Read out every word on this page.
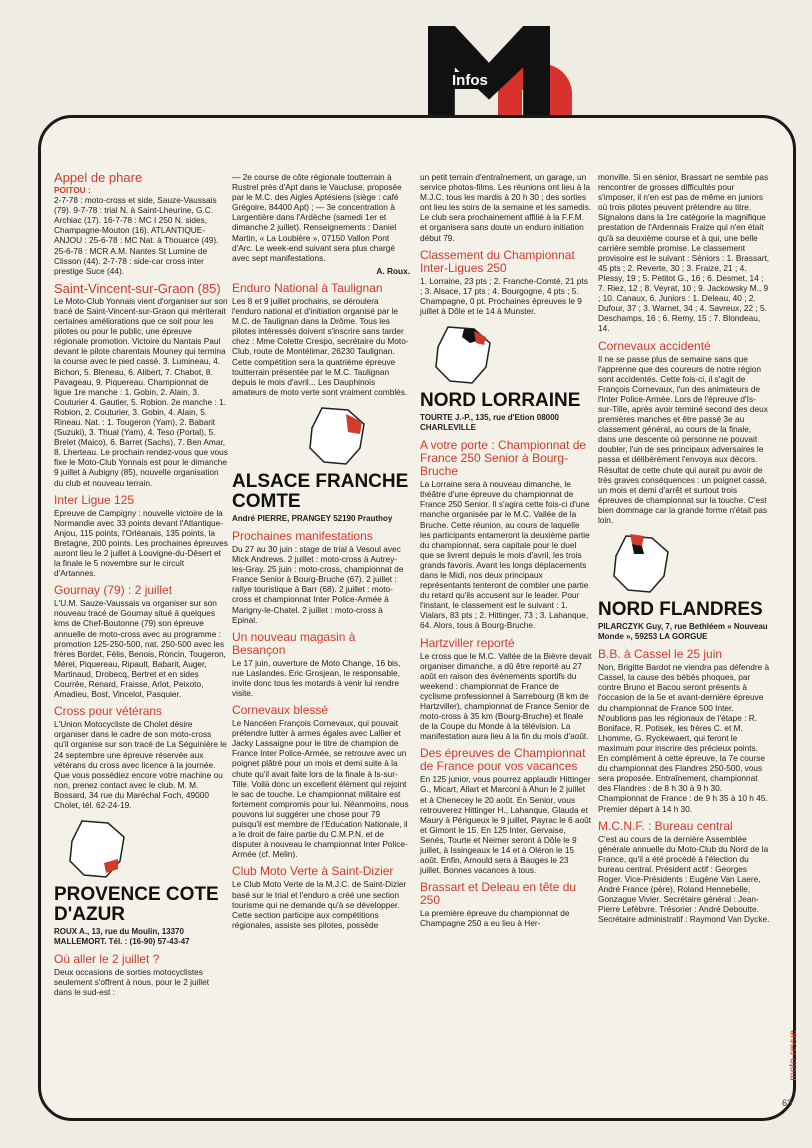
Infos
Appel de phare
POITOU :

2-7-78 : moto-cross et side, Sauze-Vaussais (79). 9-7-78 : trial N. à Saint-Lheurine, G.C. Archiac (17). 16-7-78 : MC I 250 N. sides, Champagne-Mouton (16). ATLANTIQUE-ANJOU : 25-6-78 : MC Nat. à Thouarce (49). 25-6-78 : MCR A.M. Nantes St Lumine de Clisson (44). 2-7-78 : side-car cross inter prestige Suce (44).

Saint-Vincent-sur-Graon (85)

Le Moto-Club Yonnais vient d'organiser sur son tracé de Saint-Vincent-sur-Graon qui mériterait certaines améliorations que ce soit pour les pilotes ou pour le public, une épreuve régionale promotion. Victoire du Nantais Paul devant le pilote charentais Mouney qui termina la course avec le pied cassé. 3. Lumineau, 4. Bichon, 5. Bleneau, 6. Alibert, 7. Chabot, 8. Pavageau, 9. Piquereau. Championnat de ligue 1re manche : 1. Gobin, 2. Alain, 3. Couturier 4. Gautier, 5. Robion. 2e manche : 1. Robion, 2. Couturier, 3. Gobin, 4. Alain, 5. Rineau. Nat. : 1. Tougeron (Yam), 2. Babarit (Suzuki), 3. Thual (Yam), 4. Teso (Portal), 5. Brelet (Maico), 6. Barret (Sachs), 7. Ben Amar, 8. Lherteau. Le prochain rendez-vous que vous fixe le Moto-Club Yonnais est pour le dimanche 9 juillet à Aubigny (85), nouvelle organisation du club et nouveau terrain.

Inter Ligue 125

Epreuve de Campigny : nouvelle victoire de la Normandie avec 33 points devant l'Atlantique-Anjou, 115 points, l'Orléanais, 135 points, la Bretagne, 200 points. Les prochaines épreuves auront lieu le 2 juillet à Louvigne-du-Désert et la finale le 5 novembre sur le circuit d'Artannes.

Gournay (79) : 2 juillet

L'U.M. Sauze-Vaussais va organiser sur son nouveau tracé de Gournay situé à quelques kms de Chef-Boutonne (79) son épreuve annuelle de moto-cross avec au programme : promotion 125-250-500, nat. 250-500 avec les frères Bordet, Félis, Benois, Roncin, Tougeron, Mérel, Piquereau, Ripault, Babarit, Auger, Martinaud, Drobecq, Bertret et en sides Courrée, Renard, Fraisse, Arlot, Peixoto, Amadieu, Bost, Vincelot, Pasquier.

Cross pour vétérans

L'Union Motocycliste de Cholet désire organiser dans le cadre de son moto-cross qu'il organise sur son tracé de La Séguinière le 24 septembre une épreuve réservée aux vétérans du cross avec licence à la journée. Que vous possédiez encore votre machine ou non, prenez contact avec le club. M. M. Bossard, 34 rue du Maréchal Foch, 49000 Cholet, tél. 62-24-19.

PROVENCE COTE D'AZUR

ROUX A., 13, rue du Moulin, 13370 MALLEMORT. Tél. : (16-90) 57-43-47

Où aller le 2 juillet ?

Deux occasions de sorties motocyclistes seulement s'offrent à nous, pour le 2 juillet dans le sud-est :

— 2e course de côte régionale toutterrain à Rustrel près d'Apt dans le Vaucluse, proposée par le M.C. des Aigles Aptésiens (siège : café Grégoire, 84400 Apt) ; — 3e concentration à Largentière dans l'Ardèche (samedi 1er et dimanche 2 juillet). Renseignements : Daniel Martin, « La Loubière », 07150 Vallon Pont d'Arc. Le week-end suivant sera plus chargé avec sept manifestations.

A. Roux.

Enduro National à Taulignan

Les 8 et 9 juillet prochains, se déroulera l'enduro national et d'initiation organisé par le M.C. de Taulignan dans la Drôme. Tous les pilotes intéressés doivent s'inscrire sans tarder chez : Mme Colette Crespo, secrétaire du Moto-Club, route de Montélimar, 26230 Taulignan. Cette compétition sera la quatrième épreuve toutterrain présentée par le M.C. Taulignan depuis le mois d'avril... Les Dauphinois amateurs de moto verte sont vraiment comblés.

ALSACE FRANCHE COMTE

André PIERRE, PRANGEY 52190 Prauthoy

Prochaines manifestations

Du 27 au 30 juin : stage de trial à Vesoul avec Mick Andrews. 2 juillet : moto-cross à Autrey-les-Gray. 25 juin : moto-cross, championnat de France Senior à Bourg-Bruche (67). 2 juillet : rallye touristique à Barr (68). 2 juillet : moto-cross et championnat Inter Police-Armée à Marigny-le-Chatel. 2 juillet : moto-cross à Epinal.

Un nouveau magasin à Besançon

Le 17 juin, ouverture de Moto Change, 16 bis, rue Laslandes. Eric Grosjean, le responsable, invite donc tous les motards à venir lui rendre visite.

Cornevaux blessé

Le Nancéen François Cornevaux, qui pouvait prétendre lutter à armes égales avec Lallier et Jacky Lassaigne pour le titre de champion de France Inter Police-Armée, se retrouve avec un poignet plâtré pour un mois et demi suite à la chute qu'il avait faite lors de la finale à Is-sur-Tille. Voilà donc un excellent élément qui rejoint le sac de touche. Le championnat militaire est fortement compromis pour lui. Néanmoins, nous pouvons lui suggérer une chose pour 79 puisqu'il est membre de l'Education Nationale, il a le droit de faire partie du C.M.P.N. et de disputer à nouveau le championnat Inter Police-Armée (cf. Melin).

Club Moto Verte à Saint-Dizier

Le Club Moto Verte de la M.J.C. de Saint-Dizier basé sur le trial et l'enduro a créé une section tourisme qui ne demande qu'à se développer. Cette section participe aux compétitions régionales, assiste ses pilotes, possède

un petit terrain d'entraînement, un garage, un service photos-films. Les réunions ont lieu à la M.J.C. tous les mardis à 20 h 30 ; des sorties ont lieu les soirs de la semaine et les samedis. Le club sera prochainement affilié à la F.F.M. et organisera sans doute un enduro initiation début 79.

Classement du Championnat Inter-Ligues 250

1. Lorraine, 23 pts ; 2. Franche-Comté, 21 pts ; 3. Alsace, 17 pts ; 4. Bourgogne, 4 pts ; 5. Champagne, 0 pt. Prochaines épreuves le 9 juillet à Dôle et le 14 à Munster.

NORD LORRAINE

TOURTE J.-P., 135, rue d'Etion 08000 CHARLEVILLE

A votre porte : Championnat de France 250 Senior à Bourg-Bruche

La Lorraine sera à nouveau dimanche, le théâtre d'une épreuve du championnat de France 250 Senior. Il s'agira cette fois-ci d'une manche organisée par le M.C. Vallée de la Bruche. Cette réunion, au cours de laquelle les participants entameront la deuxième partie du championnat, sera capitale pour le duel que se livrent depuis le mois d'avril, les trois grands favoris. Avant les longs déplacements dans le Midi, nos deux principaux représentants tenteront de combler une partie du retard qu'ils accusent sur le leader. Pour l'instant, le classement est le suivant : 1. Vialars, 83 pts ; 2. Hittinger, 73 ; 3. Lahanque, 64. Alors, tous à Bourg-Bruche.

Hartzviller reporté

Le cross que le M.C. Vallée de la Bièvre devait organiser dimanche, a dû être reporté au 27 août en raison des évènements sportifs du weekend : championnat de France de cyclisme professionnel à Sarrebourg (8 km de Hartzviller), championnat de France Senior de moto-cross à 35 km (Bourg-Bruche) et finale de la Coupe du Monde à la télévision. La manifestation aura lieu à la fin du mois d'août.

Des épreuves de Championnat de France pour vos vacances

En 125 junior, vous pourrez applaudir Hittinger G., Micart, Allart et Marconi à Ahun le 2 juillet et à Chenecey le 20 août. En Senior, vous retrouverez Hittinger H., Lahanque, Glauda et Maury à Périgueux le 9 juillet, Payrac le 6 août et Gimont le 15. En 125 Inter, Gervaise, Senés, Tourte et Neimer seront à Dôle le 9 juillet, à Issingeaux le 14 et à Oléron le 15 août. Enfin, Arnould sera à Bauges le 23 juillet. Bonnes vacances à tous.

Brassart et Deleau en tête du 250

La première épreuve du championnat de Champagne 250 a eu lieu à Her-

monville. Si en sénior, Brassart ne semble pas rencontrer de grosses difficultés pour s'imposer, il n'en est pas de même en juniors où trois pilotes peuvent prétendre au titre. Signalons dans la 1re catégorie la magnifique prestation de l'Ardennais Fraize qui n'en était qu'à sa deuxième course et à qui, une belle carrière semble promise. Le classement provisoire est le suivant : Séniors : 1. Brassart, 45 pts ; 2. Reverte, 30 ; 3. Fraize, 21 ; 4. Plessy, 19 ; 5. Petitot G., 16 ; 6. Desmet, 14 ; 7. Riez, 12 ; 8. Veyrat, 10 ; 9. Jackowsky M., 9 ; 10. Canaux, 6. Juniors : 1. Deleau, 40 ; 2. Dufour, 37 ; 3. Warnet, 34 ; 4. Savreux, 22 ; 5. Deschamps, 16 ; 6. Remy, 15 ; 7. Blondeau, 14.

Cornevaux accidenté

Il ne se passe plus de semaine sans que l'apprenne que des coureurs de notre région sont accidentés. Cette fois-ci, il s'agit de François Cornevaux, l'un des animateurs de l'Inter Police-Armée. Lors de l'épreuve d'Is-sur-Tille, après avoir terminé second des deux premières manches et être passé 3e au classement général, au cours de la finale, dans une descente où personne ne pouvait doubler, l'un de ses principaux adversaires le passa et délibérément l'envoya aux décors. Résultat de cette chute qui aurait pu avoir de très graves conséquences : un poignet cassé, un mois et demi d'arrêt et surtout trois épreuves de championnat sur la touche. C'est bien dommage car la grande forme n'était pas loin.

NORD FLANDRES

PILARCZYK Guy, 7, rue Bethléem « Nouveau Monde », 59253 LA GORGUE

B.B. à Cassel le 25 juin

Non, Brigitte Bardot ne viendra pas défendre à Cassel, la cause des bébés phoques, par contre Bruno et Bacou seront présents à l'occasion de la 5e et avant-dernière épreuve du championnat de France 500 Inter. N'oublions pas les régionaux de l'étape : R. Boniface, R. Potisek, les frères C. et M. Lhomme, G. Ryckewaert, qui feront le maximum pour inscrire des précieux points. En complément à cette épreuve, la 7e course du championnat des Flandres 250-500, vous sera proposée. Entraînement, championnat des Flandres : de 8 h 30 à 9 h 30. Championnat de France : de 9 h 35 à 10 h 45. Premier départ à 14 h 30.

M.C.N.F. : Bureau central

C'est au cours de la dernière Assemblée générale annuelle du Moto-Club du Nord de la France, qu'il a été procédé à l'élection du bureau central. Président actif : Georges Roger. Vice-Présidents : Eugène Van Laere, André France (père), Roland Hennebelle, Gonzague Vivier. Secrétaire général : Jean-Pierre Lefèbvre. Trésorier : André Deboutte. Secrétaire administratif : Raymond Van Dycke.

moto-revue
63
